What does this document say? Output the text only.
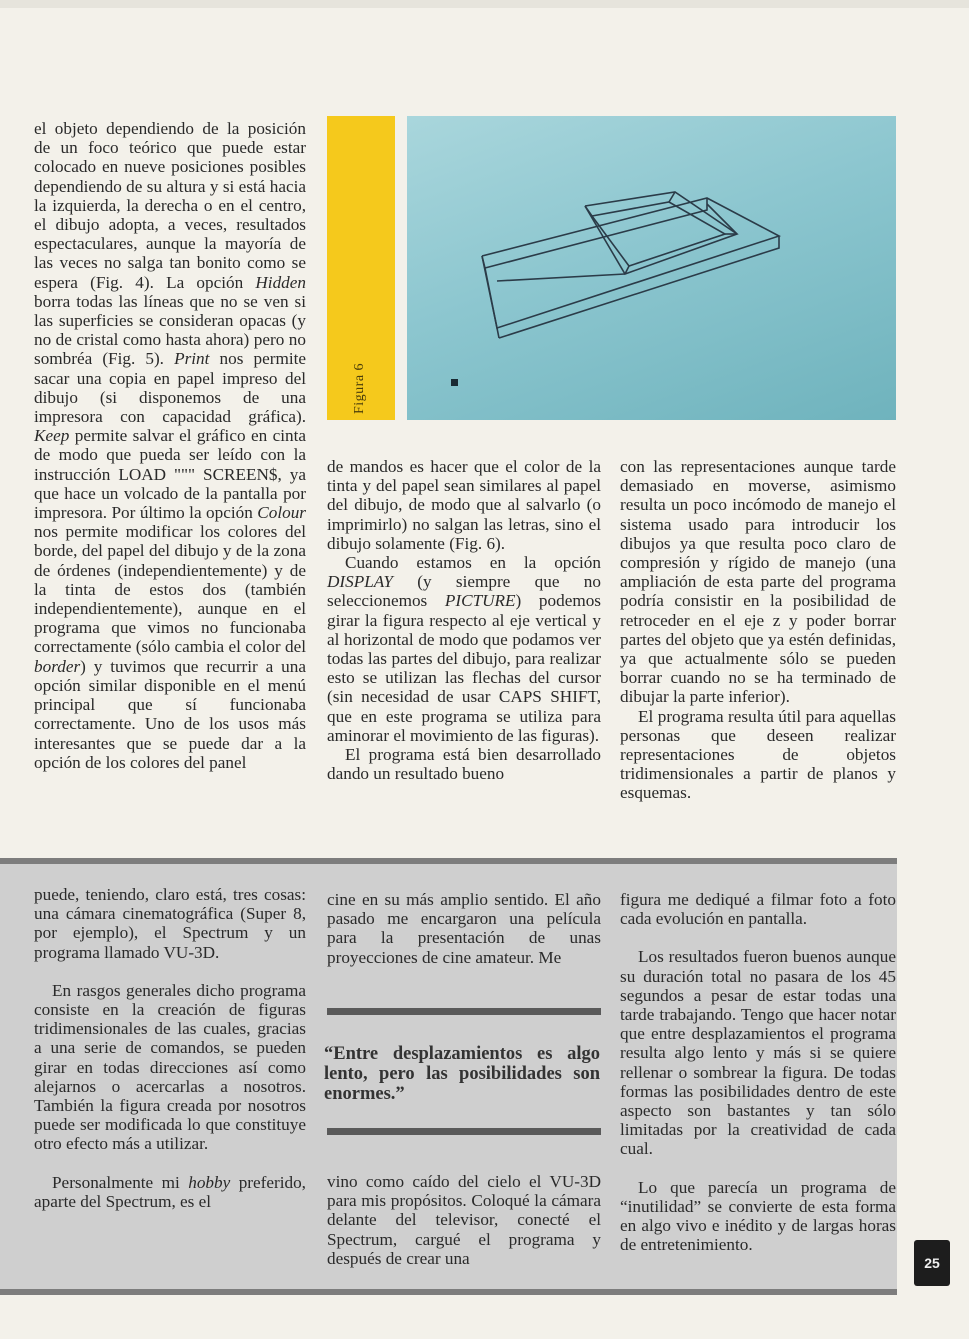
el objeto dependiendo de la posición de un foco teórico que puede estar colocado en nueve posiciones posibles dependiendo de su altura y si está hacia la izquierda, la derecha o en el centro, el dibujo adopta, a veces, resultados espectaculares, aunque la mayoría de las veces no salga tan bonito como se espera (Fig. 4). La opción Hidden borra todas las líneas que no se ven si las superficies se consideran opacas (y no de cristal como hasta ahora) pero no sombréa (Fig. 5). Print nos permite sacar una copia en papel impreso del dibujo (si disponemos de una impresora con capacidad gráfica). Keep permite salvar el gráfico en cinta de modo que pueda ser leído con la instrucción LOAD """ SCREEN$, ya que hace un volcado de la pantalla por impresora. Por último la opción Colour nos permite modificar los colores del borde, del papel del dibujo y de la zona de órdenes (independientemente) y de la tinta de estos dos (también independientemente), aunque en el programa que vimos no funcionaba correctamente (sólo cambia el color del border) y tuvimos que recurrir a una opción similar disponible en el menú principal que sí funcionaba correctamente. Uno de los usos más interesantes que se puede dar a la opción de los colores del panel

Figura 6

de mandos es hacer que el color de la tinta y del papel sean similares al papel del dibujo, de modo que al salvarlo (o imprimirlo) no salgan las letras, sino el dibujo solamente (Fig. 6).

Cuando estamos en la opción DISPLAY (y siempre que no seleccionemos PICTURE) podemos girar la figura respecto al eje vertical y al horizontal de modo que podamos ver todas las partes del dibujo, para realizar esto se utilizan las flechas del cursor (sin necesidad de usar CAPS SHIFT, que en este programa se utiliza para aminorar el movimiento de las figuras).

El programa está bien desarrollado dando un resultado bueno

con las representaciones aunque tarde demasiado en moverse, asimismo resulta un poco incómodo de manejo el sistema usado para introducir los dibujos ya que resulta poco claro de compresión y rígido de manejo (una ampliación de esta parte del programa podría consistir en la posibilidad de retroceder en el eje z y poder borrar partes del objeto que ya estén definidas, ya que actualmente sólo se pueden borrar cuando no se ha terminado de dibujar la parte inferior).

El programa resulta útil para aquellas personas que deseen realizar representaciones de objetos tridimensionales a partir de planos y esquemas.

puede, teniendo, claro está, tres cosas: una cámara cinematográfica (Super 8, por ejemplo), el Spectrum y un programa llamado VU-3D.

En rasgos generales dicho programa consiste en la creación de figuras tridimensionales de las cuales, gracias a una serie de comandos, se pueden girar en todas direcciones así como alejarnos o acercarlas a nosotros. También la figura creada por nosotros puede ser modificada lo que constituye otro efecto más a utilizar.

Personalmente mi hobby preferido, aparte del Spectrum, es el

cine en su más amplio sentido. El año pasado me encargaron una película para la presentación de unas proyecciones de cine amateur. Me

“Entre desplazamientos es algo lento, pero las posibilidades son enormes.”

vino como caído del cielo el VU-3D para mis propósitos. Coloqué la cámara delante del televisor, conecté el Spectrum, cargué el programa y después de crear una

figura me dediqué a filmar foto a foto cada evolución en pantalla.

Los resultados fueron buenos aunque su duración total no pasara de los 45 segundos a pesar de estar todas una tarde trabajando. Tengo que hacer notar que entre desplazamientos el programa resulta algo lento y más si se quiere rellenar o sombrear la figura. De todas formas las posibilidades dentro de este aspecto son bastantes y tan sólo limitadas por la creatividad de cada cual.

Lo que parecía un programa de “inutilidad” se convierte de esta forma en algo vivo e inédito y de largas horas de entretenimiento.

25
